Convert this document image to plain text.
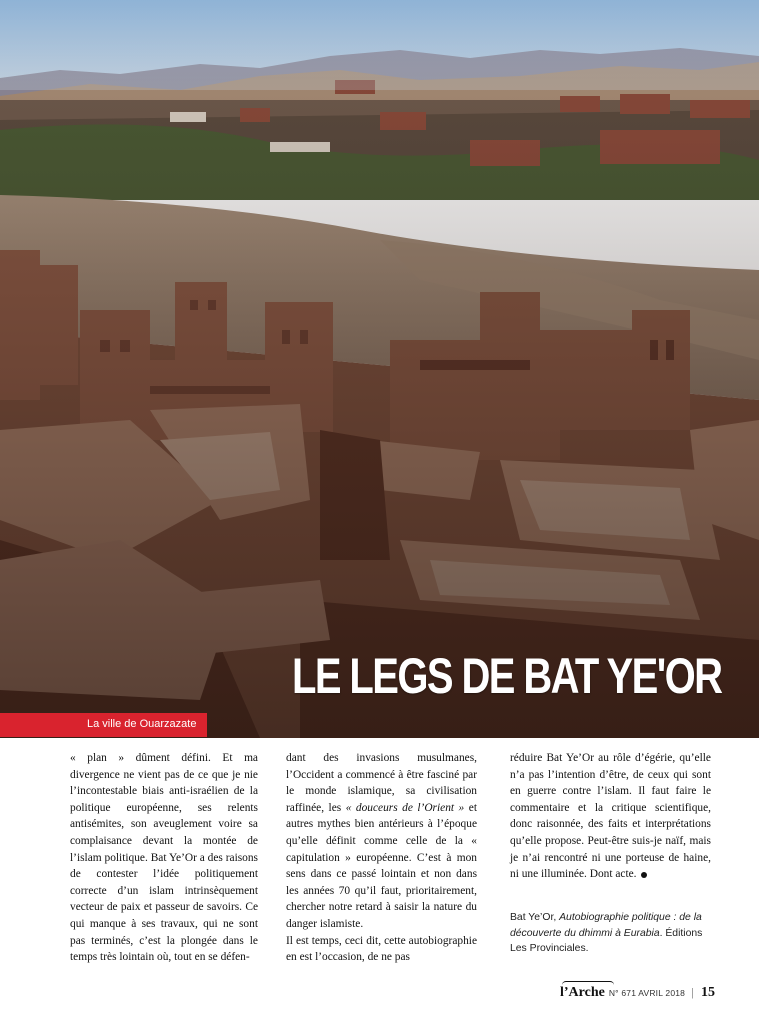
LE LEGS DE BAT YE'OR
La ville de Ouarzazate

« plan » dûment défini. Et ma divergence ne vient pas de ce que je nie l’incontestable biais anti-israélien de la politique européenne, ses relents antisémites, son aveuglement voire sa complaisance devant la montée de l’islam politique. Bat Ye’Or a des raisons de contester l’idée politiquement correcte d’un islam intrinsèquement vecteur de paix et passeur de savoirs. Ce qui manque à ses travaux, qui ne sont pas terminés, c’est la plongée dans le temps très lointain où, tout en se défen-

dant des invasions musulmanes, l’Occident a commencé à être fasciné par le monde islamique, sa civilisation raffinée, les « douceurs de l’Orient » et autres mythes bien antérieurs à l’époque qu’elle définit comme celle de la « capitulation » européenne. C’est à mon sens dans ce passé lointain et non dans les années 70 qu’il faut, prioritairement, chercher notre retard à saisir la nature du danger islamiste.

Il est temps, ceci dit, cette autobiographie en est l’occasion, de ne pas

réduire Bat Ye’Or au rôle d’égérie, qu’elle n’a pas l’intention d’être, de ceux qui sont en guerre contre l’islam. Il faut faire le commentaire et la critique scientifique, donc raisonnée, des faits et interprétations qu’elle propose. Peut-être suis-je naïf, mais je n’ai rencontré ni une porteuse de haine, ni une illuminée. Dont acte.

Bat Ye’Or, Autobiographie politique : de la découverte du dhimmi à Eurabia. Éditions Les Provinciales.
l’Arche N° 671 AVRIL 2018 | 15
